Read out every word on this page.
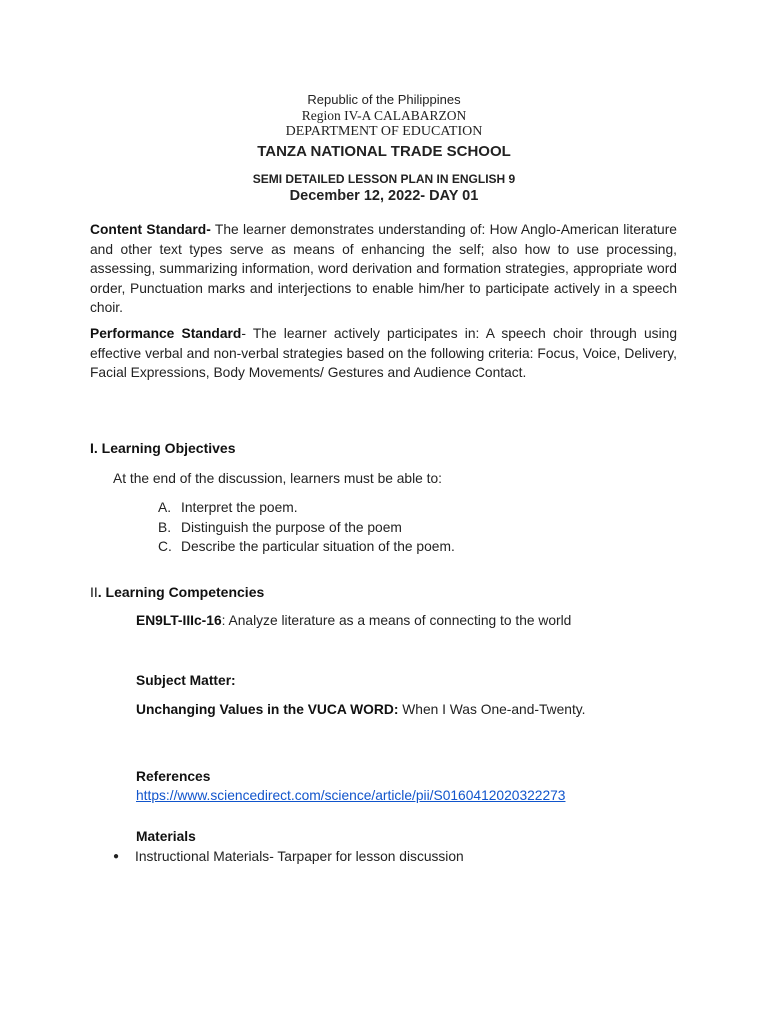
Republic of the Philippines
Region IV-A CALABARZON
DEPARTMENT OF EDUCATION
TANZA NATIONAL TRADE SCHOOL
SEMI DETAILED LESSON PLAN IN ENGLISH 9
December 12, 2022- DAY 01
Content Standard- The learner demonstrates understanding of: How Anglo-American literature and other text types serve as means of enhancing the self; also how to use processing, assessing, summarizing information, word derivation and formation strategies, appropriate word order, Punctuation marks and interjections to enable him/her to participate actively in a speech choir.
Performance Standard- The learner actively participates in: A speech choir through using effective verbal and non-verbal strategies based on the following criteria: Focus, Voice, Delivery, Facial Expressions, Body Movements/ Gestures and Audience Contact.
I. Learning Objectives
At the end of the discussion, learners must be able to:
A. Interpret the poem.
B. Distinguish the purpose of the poem
C. Describe the particular situation of the poem.
II. Learning Competencies
EN9LT-IIIc-16: Analyze literature as a means of connecting to the world
Subject Matter:
Unchanging Values in the VUCA WORD: When I Was One-and-Twenty.
References
https://www.sciencedirect.com/science/article/pii/S0160412020322273
Materials
●	Instructional Materials- Tarpaper for lesson discussion
